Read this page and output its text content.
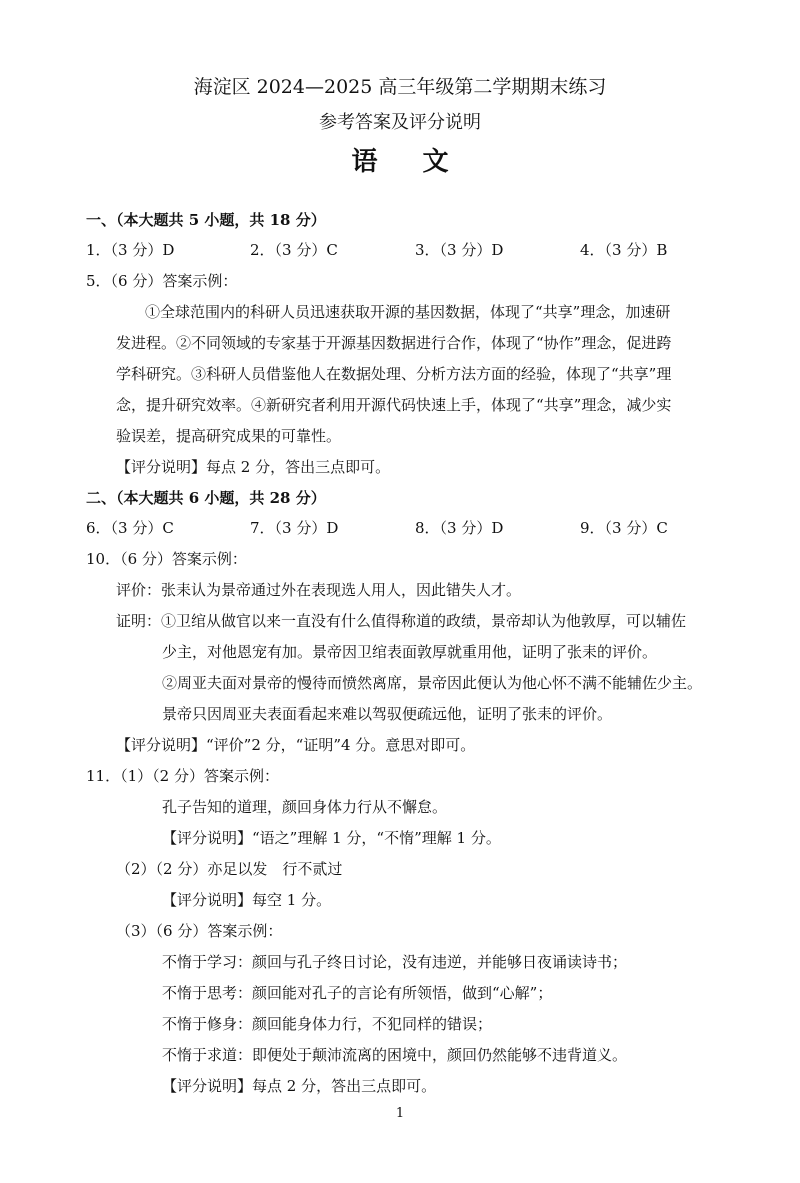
海淀区 2024—2025 高三年级第二学期期末练习
参考答案及评分说明
语 文
一、（本大题共 5 小题，共 18 分）
1．（3 分）D	2．（3 分）C	3．（3 分）D	4．（3 分）B
5．（6 分）答案示例：
①全球范围内的科研人员迅速获取开源的基因数据，体现了“共享”理念，加速研
发进程。②不同领域的专家基于开源基因数据进行合作，体现了“协作”理念，促进跨
学科研究。③科研人员借鉴他人在数据处理、分析方法方面的经验，体现了“共享”理
念，提升研究效率。④新研究者利用开源代码快速上手，体现了“共享”理念，减少实
验误差，提高研究成果的可靠性。
【评分说明】每点 2 分，答出三点即可。
二、（本大题共 6 小题，共 28 分）
6．（3 分）C	7．（3 分）D	8．（3 分）D	9．（3 分）C
10．（6 分）答案示例：
评价：张耒认为景帝通过外在表现选人用人，因此错失人才。
证明：①卫绾从做官以来一直没有什么值得称道的政绩，景帝却认为他敦厚，可以辅佐
少主，对他恩宠有加。景帝因卫绾表面敦厚就重用他，证明了张耒的评价。
②周亚夫面对景帝的慢待而愤然离席，景帝因此便认为他心怀不满不能辅佐少主。
景帝只因周亚夫表面看起来难以驾驭便疏远他，证明了张耒的评价。
【评分说明】“评价”2 分，“证明”4 分。意思对即可。
11．（1）（2 分）答案示例：
孔子告知的道理，颜回身体力行从不懈怠。
【评分说明】“语之”理解 1 分，“不惰”理解 1 分。
（2）（2 分）亦足以发　行不贰过
【评分说明】每空 1 分。
（3）（6 分）答案示例：
不惰于学习：颜回与孔子终日讨论，没有违逆，并能够日夜诵读诗书；
不惰于思考：颜回能对孔子的言论有所领悟，做到“心解”；
不惰于修身：颜回能身体力行，不犯同样的错误；
不惰于求道：即便处于颠沛流离的困境中，颜回仍然能够不违背道义。
【评分说明】每点 2 分，答出三点即可。
1
